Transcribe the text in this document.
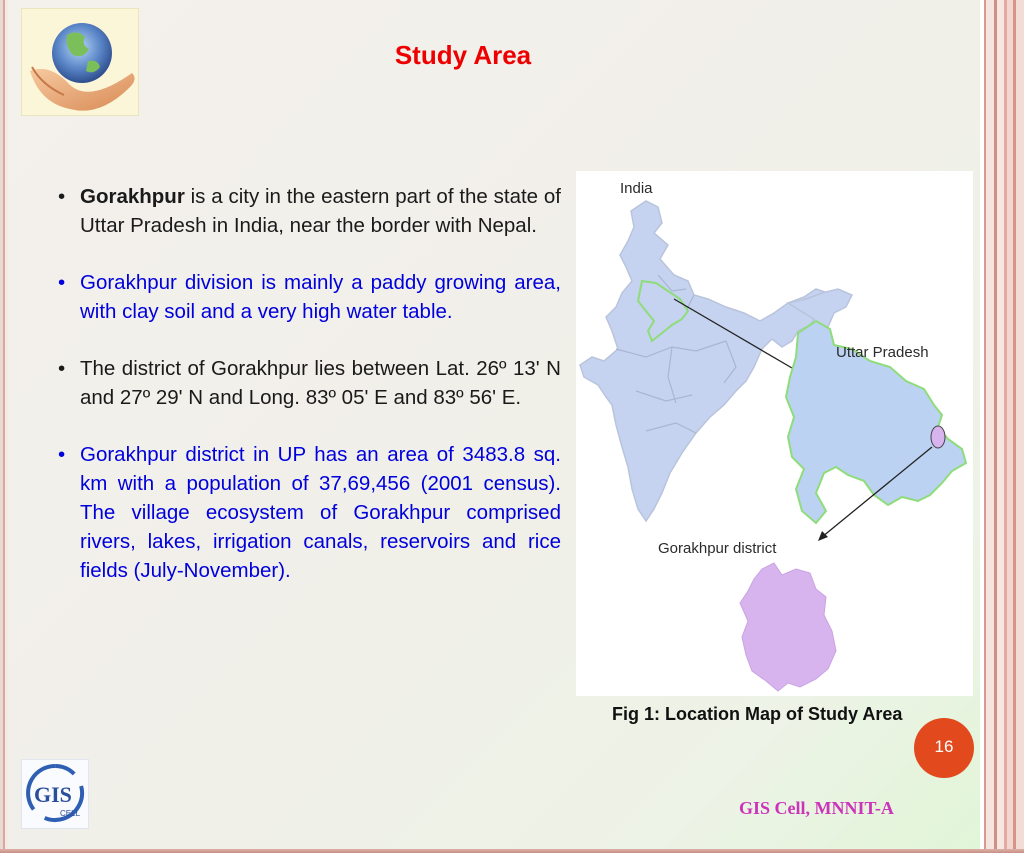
Study Area
• Gorakhpur is a city in the eastern part of the state of Uttar Pradesh in India, near the border with Nepal.
• Gorakhpur division is mainly a paddy growing area, with clay soil and a very high water table.
• The district of Gorakhpur lies between Lat. 26º 13' N and 27º 29' N and Long. 83º 05' E and 83º 56' E.
• Gorakhpur district in UP has an area of 3483.8 sq. km with a population of 37,69,456 (2001 census). The village ecosystem of Gorakhpur comprised rivers, lakes, irrigation canals, reservoirs and rice fields (July-November).
India
Uttar Pradesh
Gorakhpur district
Fig 1: Location Map of Study Area
16
GIS
CELL	GIS Cell, MNNIT-A
